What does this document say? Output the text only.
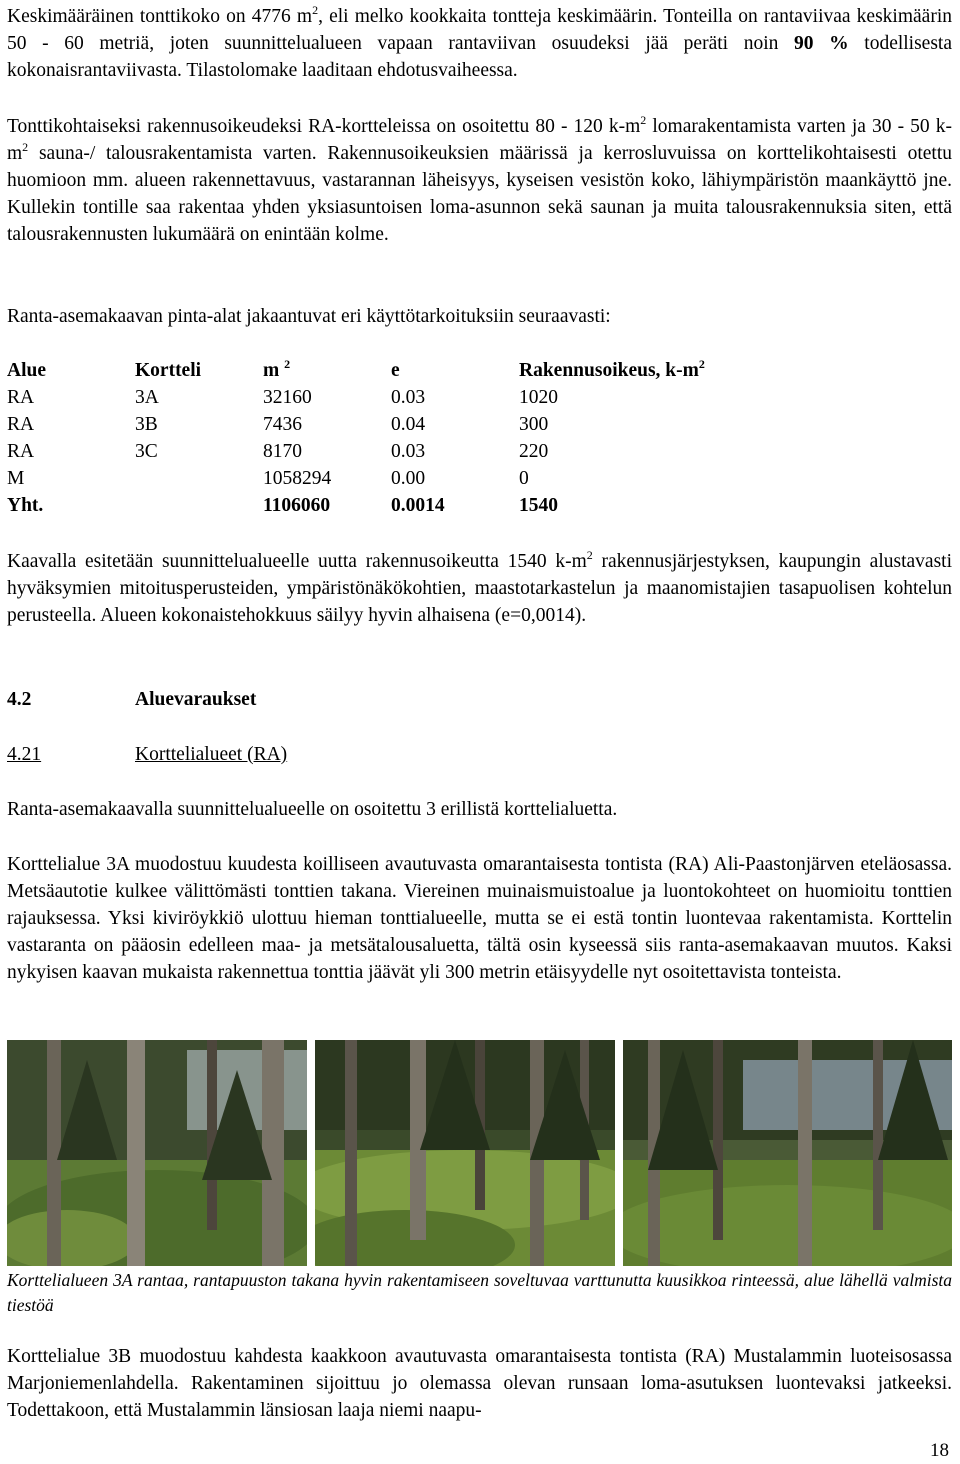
Keskimääräinen tonttikoko on 4776 $m^2$, eli melko kookkaita tontteja keskimäärin. Tonteilla on rantaviivaa keskimäärin 50 - 60 metriä, joten suunnittelualueen vapaan rantaviivan osuudeksi jää peräti noin 90 % todellisesta kokonaisrantaviivasta. Tilastolomake laaditaan ehdotusvaiheessa.

Tonttikohtaiseksi rakennusoikeudeksi RA-kortteleissa on osoitettu 80 - 120 $k-m^2$ lomarakentamista varten ja 30 - 50 $k-m^2$ sauna-/ talousrakentamista varten. Rakennusoikeuksien määrissä ja kerrosluvuissa on korttelikohtaisesti otettu huomioon mm. alueen rakennettavuus, vastarannan läheisyys, kyseisen vesistön koko, lähiympäristön maankäyttö jne. Kullekin tontille saa rakentaa yhden yksiasuntoisen loma-asunnon sekä saunan ja muita talousrakennuksia siten, että talousrakennusten lukumäärä on enintään kolme.

Ranta-asemakaavan pinta-alat jakaantuvat eri käyttötarkoituksiin seuraavasti:

Alue	Kortteli	m $^2$	e	Rakennusoikeus, $k-m^2$
RA	3A	32160	0.03	1020
RA	3B	7436	0.04	300
RA	3C	8170	0.03	220
M		1058294	0.00	0
Yht.		1106060	0.0014	1540

Kaavalla esitetään suunnittelualueelle uutta rakennusoikeutta 1540 $k-m^2$ rakennusjärjestyksen, kaupungin alustavasti hyväksymien mitoitusperusteiden, ympäristönäkökohtien, maastotarkastelun ja maanomistajien tasapuolisen kohtelun perusteella. Alueen kokonaistehokkuus säilyy hyvin alhaisena (e=0,0014).

4.2	Aluevaraukset
4.21	Korttelialueet (RA)

Ranta-asemakaavalla suunnittelualueelle on osoitettu 3 erillistä korttelialuetta.

Korttelialue 3A muodostuu kuudesta koilliseen avautuvasta omarantaisesta tontista (RA) Ali-Paastonjärven eteläosassa. Metsäautotie kulkee välittömästi tonttien takana. Viereinen muinaismuistoalue ja luontokohteet on huomioitu tonttien rajauksessa. Yksi kiviröykkiö ulottuu hieman tonttialueelle, mutta se ei estä tontin luontevaa rakentamista. Korttelin vastaranta on pääosin edelleen maa- ja metsätalousaluetta, tältä osin kyseessä siis ranta-asemakaavan muutos. Kaksi nykyisen kaavan mukaista rakennettua tonttia jäävät yli 300 metrin etäisyydelle nyt osoitettavista tonteista.

Korttelialueen 3A rantaa, rantapuuston takana hyvin rakentamiseen soveltuvaa varttunutta kuusikkoa rinteessä, alue lähellä valmista tiestöä

Korttelialue 3B muodostuu kahdesta kaakkoon avautuvasta omarantaisesta tontista (RA) Mustalammin luoteisosassa Marjoniemenlahdella. Rakentaminen sijoittuu jo olemassa olevan runsaan loma-asutuksen luontevaksi jatkeeksi. Todettakoon, että Mustalammin länsiosan laaja niemi naapu-

18
